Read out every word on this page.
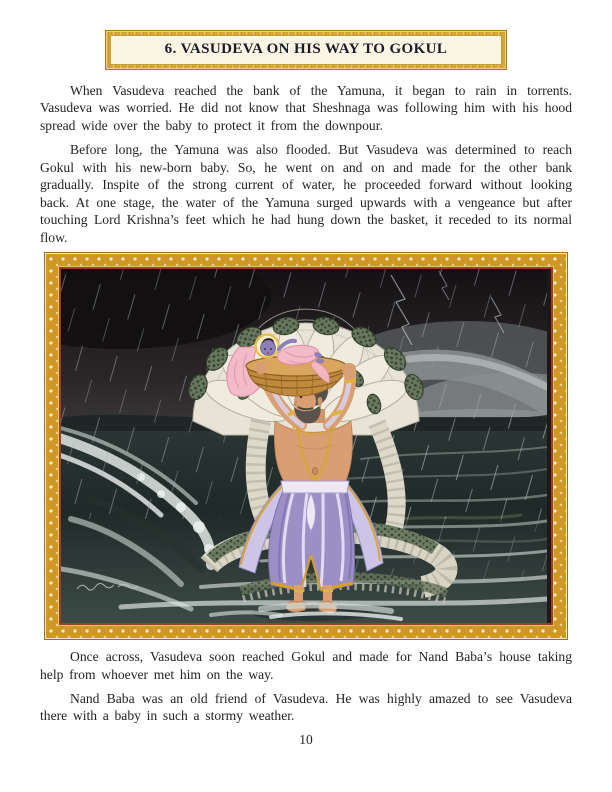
6. VASUDEVA ON HIS WAY TO GOKUL

When Vasudeva reached the bank of the Yamuna, it began to rain in torrents. Vasudeva was worried. He did not know that Sheshnaga was following him with his hood spread wide over the baby to protect it from the downpour.

Before long, the Yamuna was also flooded. But Vasudeva was determined to reach Gokul with his new-born baby. So, he went on and on and made for the other bank gradually. Inspite of the strong current of water, he proceeded forward without looking back. At one stage, the water of the Yamuna surged upwards with a vengeance but after touching Lord Krishna’s feet which he had hung down the basket, it receded to its normal flow.

Once across, Vasudeva soon reached Gokul and made for Nand Baba’s house taking help from whoever met him on the way.

Nand Baba was an old friend of Vasudeva. He was highly amazed to see Vasudeva there with a baby in such a stormy weather.

10
